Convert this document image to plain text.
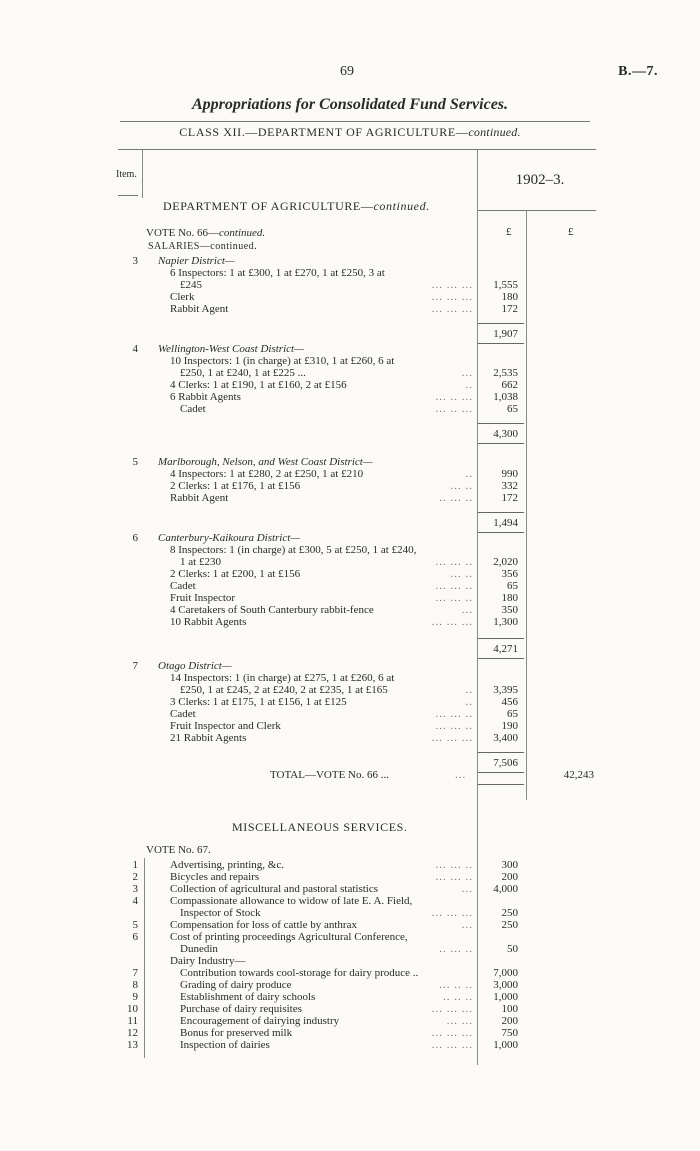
69	B.—7.
Appropriations for Consolidated Fund Services.
CLASS XII.—DEPARTMENT OF AGRICULTURE—continued.
Item.	1902–3.
DEPARTMENT OF AGRICULTURE—continued.
£	£
VOTE No. 66—continued.
SALARIES—continued.
3 Napier District—
6 Inspectors: 1 at £300, 1 at £270, 1 at £250, 3 at
£245	... ... ...	1,555
Clerk	... ... ...	180
Rabbit Agent	... ... ...	172
1,907
4 Wellington-West Coast District—
10 Inspectors: 1 (in charge) at £310, 1 at £260, 6 at
£250, 1 at £240, 1 at £225 ...	...	2,535
4 Clerks: 1 at £190, 1 at £160, 2 at £156	..	662
6 Rabbit Agents	... .. ...	1,038
Cadet	... .. ...	65
4,300
5 Marlborough, Nelson, and West Coast District—
4 Inspectors: 1 at £280, 2 at £250, 1 at £210	..	990
2 Clerks: 1 at £176, 1 at £156	... ..	332
Rabbit Agent	.. ... ..	172
1,494
6 Canterbury-Kaikoura District—
8 Inspectors: 1 (in charge) at £300, 5 at £250, 1 at £240,
1 at £230	... ... ..	2,020
2 Clerks: 1 at £200, 1 at £156	... ..	356
Cadet	... ... ..	65
Fruit Inspector	... ... ..	180
4 Caretakers of South Canterbury rabbit-fence	...	350
10 Rabbit Agents	... ... ...	1,300
4,271
7 Otago District—
14 Inspectors: 1 (in charge) at £275, 1 at £260, 6 at
£250, 1 at £245, 2 at £240, 2 at £235, 1 at £165	..	3,395
3 Clerks: 1 at £175, 1 at £156, 1 at £125	..	456
Cadet	... ... ..	65
Fruit Inspector and Clerk	... ... ..	190
21 Rabbit Agents	... ... ...	3,400
7,506
TOTAL—VOTE No. 66 ...	...	42,243
MISCELLANEOUS SERVICES.
VOTE No. 67.
1	Advertising, printing, &c.	... ... ..	300
2	Bicycles and repairs	... ... ..	200
3	Collection of agricultural and pastoral statistics	...	4,000
4	Compassionate allowance to widow of late E. A. Field,
Inspector of Stock	... ... ...	250
5	Compensation for loss of cattle by anthrax	...	250
6	Cost of printing proceedings Agricultural Conference,
Dunedin	.. ... ..	50
Dairy Industry—
7	Contribution towards cool-storage for dairy produce ..	7,000
8	Grading of dairy produce	... .. ..	3,000
9	Establishment of dairy schools	.. .. ..	1,000
10	Purchase of dairy requisites	... ... ...	100
11	Encouragement of dairying industry	... ...	200
12	Bonus for preserved milk	... ... ...	750
13	Inspection of dairies	... ... ...	1,000
